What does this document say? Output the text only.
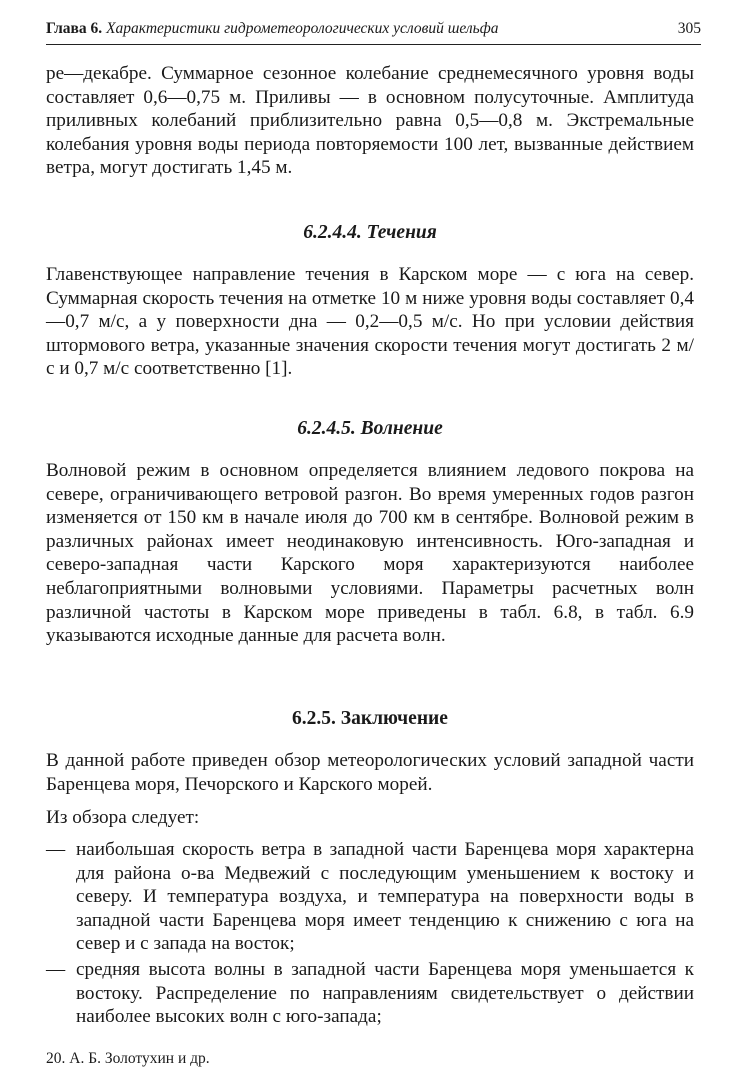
Глава 6. Характеристики гидрометеорологических условий шельфа	305

ре—декабре. Суммарное сезонное колебание среднемесячного уровня воды составляет 0,6—0,75 м. Приливы — в основном полусуточные. Амплитуда приливных колебаний приблизительно равна 0,5—0,8 м. Экстремальные колебания уровня воды периода повторяемости 100 лет, вызванные действием ветра, могут достигать 1,45 м.

6.2.4.4. Течения

Главенствующее направление течения в Карском море — с юга на север. Суммарная скорость течения на отметке 10 м ниже уровня воды составляет 0,4—0,7 м/с, а у поверхности дна — 0,2—0,5 м/с. Но при условии действия штормового ветра, указанные значения скорости течения могут достигать 2 м/с и 0,7 м/с соответственно [1].

6.2.4.5. Волнение

Волновой режим в основном определяется влиянием ледового покрова на севере, ограничивающего ветровой разгон. Во время умеренных годов разгон изменяется от 150 км в начале июля до 700 км в сентябре. Волновой режим в различных районах имеет неодинаковую интенсивность. Юго-западная и северо-западная части Карского моря характеризуются наиболее неблагоприятными волновыми условиями. Параметры расчетных волн различной частоты в Карском море приведены в табл. 6.8, в табл. 6.9 указываются исходные данные для расчета волн.

6.2.5. Заключение

В данной работе приведен обзор метеорологических условий западной части Баренцева моря, Печорского и Карского морей.

Из обзора следует:

— наибольшая скорость ветра в западной части Баренцева моря характерна для района о-ва Медвежий с последующим уменьшением к востоку и северу. И температура воздуха, и температура на поверхности воды в западной части Баренцева моря имеет тенденцию к снижению с юга на север и с запада на восток;
— средняя высота волны в западной части Баренцева моря уменьшается к востоку. Распределение по направлениям свидетельствует о действии наиболее высоких волн с юго-запада;
20. А. Б. Золотухин и др.
